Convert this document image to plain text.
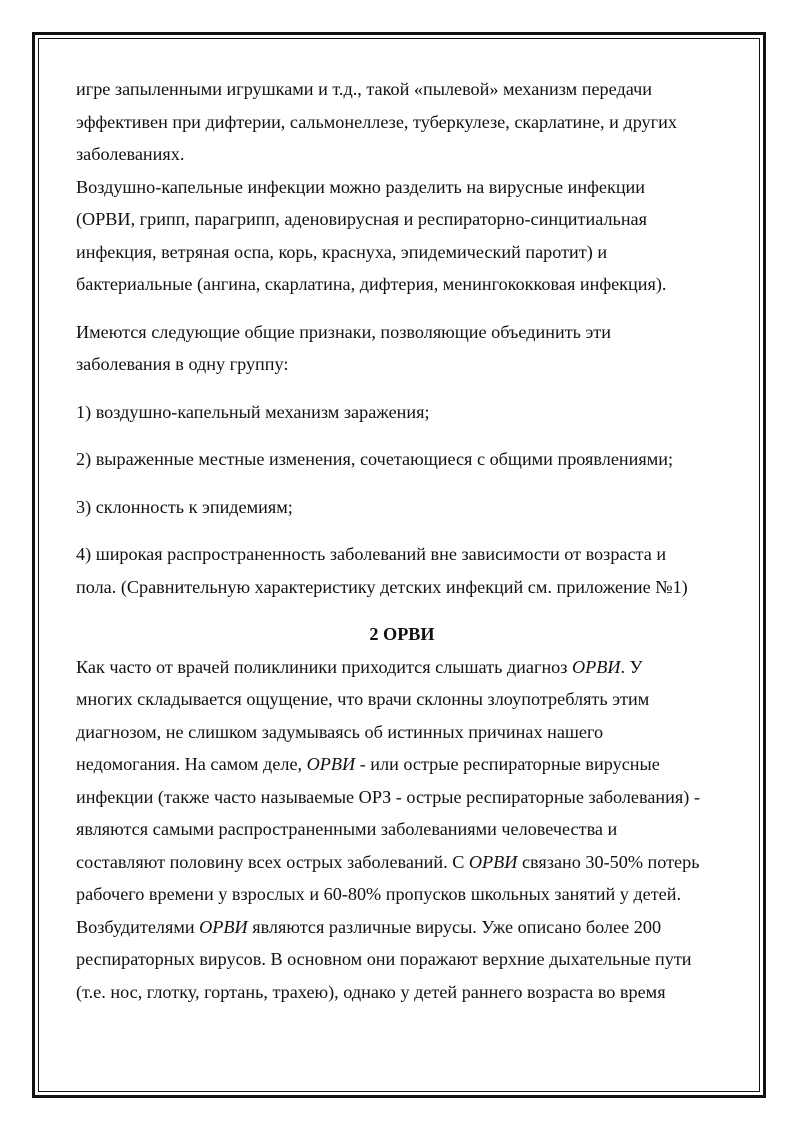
игре запыленными игрушками и т.д., такой «пылевой» механизм передачи
эффективен при дифтерии, сальмонеллезе, туберкулезе, скарлатине, и других
заболеваниях.
Воздушно-капельные инфекции можно разделить на вирусные инфекции
(ОРВИ, грипп, парагрипп, аденовирусная и респираторно-синцитиальная
инфекция, ветряная оспа, корь, краснуха, эпидемический паротит) и
бактериальные (ангина, скарлатина, дифтерия, менингококковая инфекция).
Имеются следующие общие признаки, позволяющие объединить эти
заболевания в одну группу:
1) воздушно-капельный механизм заражения;
2) выраженные местные изменения, сочетающиеся с общими проявлениями;
3) склонность к эпидемиям;
4) широкая распространенность заболеваний вне зависимости от возраста и
пола. (Сравнительную характеристику детских инфекций см. приложение №1)
2 ОРВИ
Как часто от врачей поликлиники приходится слышать диагноз ОРВИ. У
многих складывается ощущение, что врачи склонны злоупотреблять этим
диагнозом, не слишком задумываясь об истинных причинах нашего
недомогания. На самом деле, ОРВИ - или острые респираторные вирусные
инфекции (также часто называемые ОРЗ - острые респираторные заболевания) -
являются самыми распространенными заболеваниями человечества и
составляют половину всех острых заболеваний. С ОРВИ связано 30-50% потерь
рабочего времени у взрослых и 60-80% пропусков школьных занятий у детей.
Возбудителями ОРВИ являются различные вирусы. Уже описано более 200
респираторных вирусов. В основном они поражают верхние дыхательные пути
(т.е. нос, глотку, гортань, трахею), однако у детей раннего возраста во время
